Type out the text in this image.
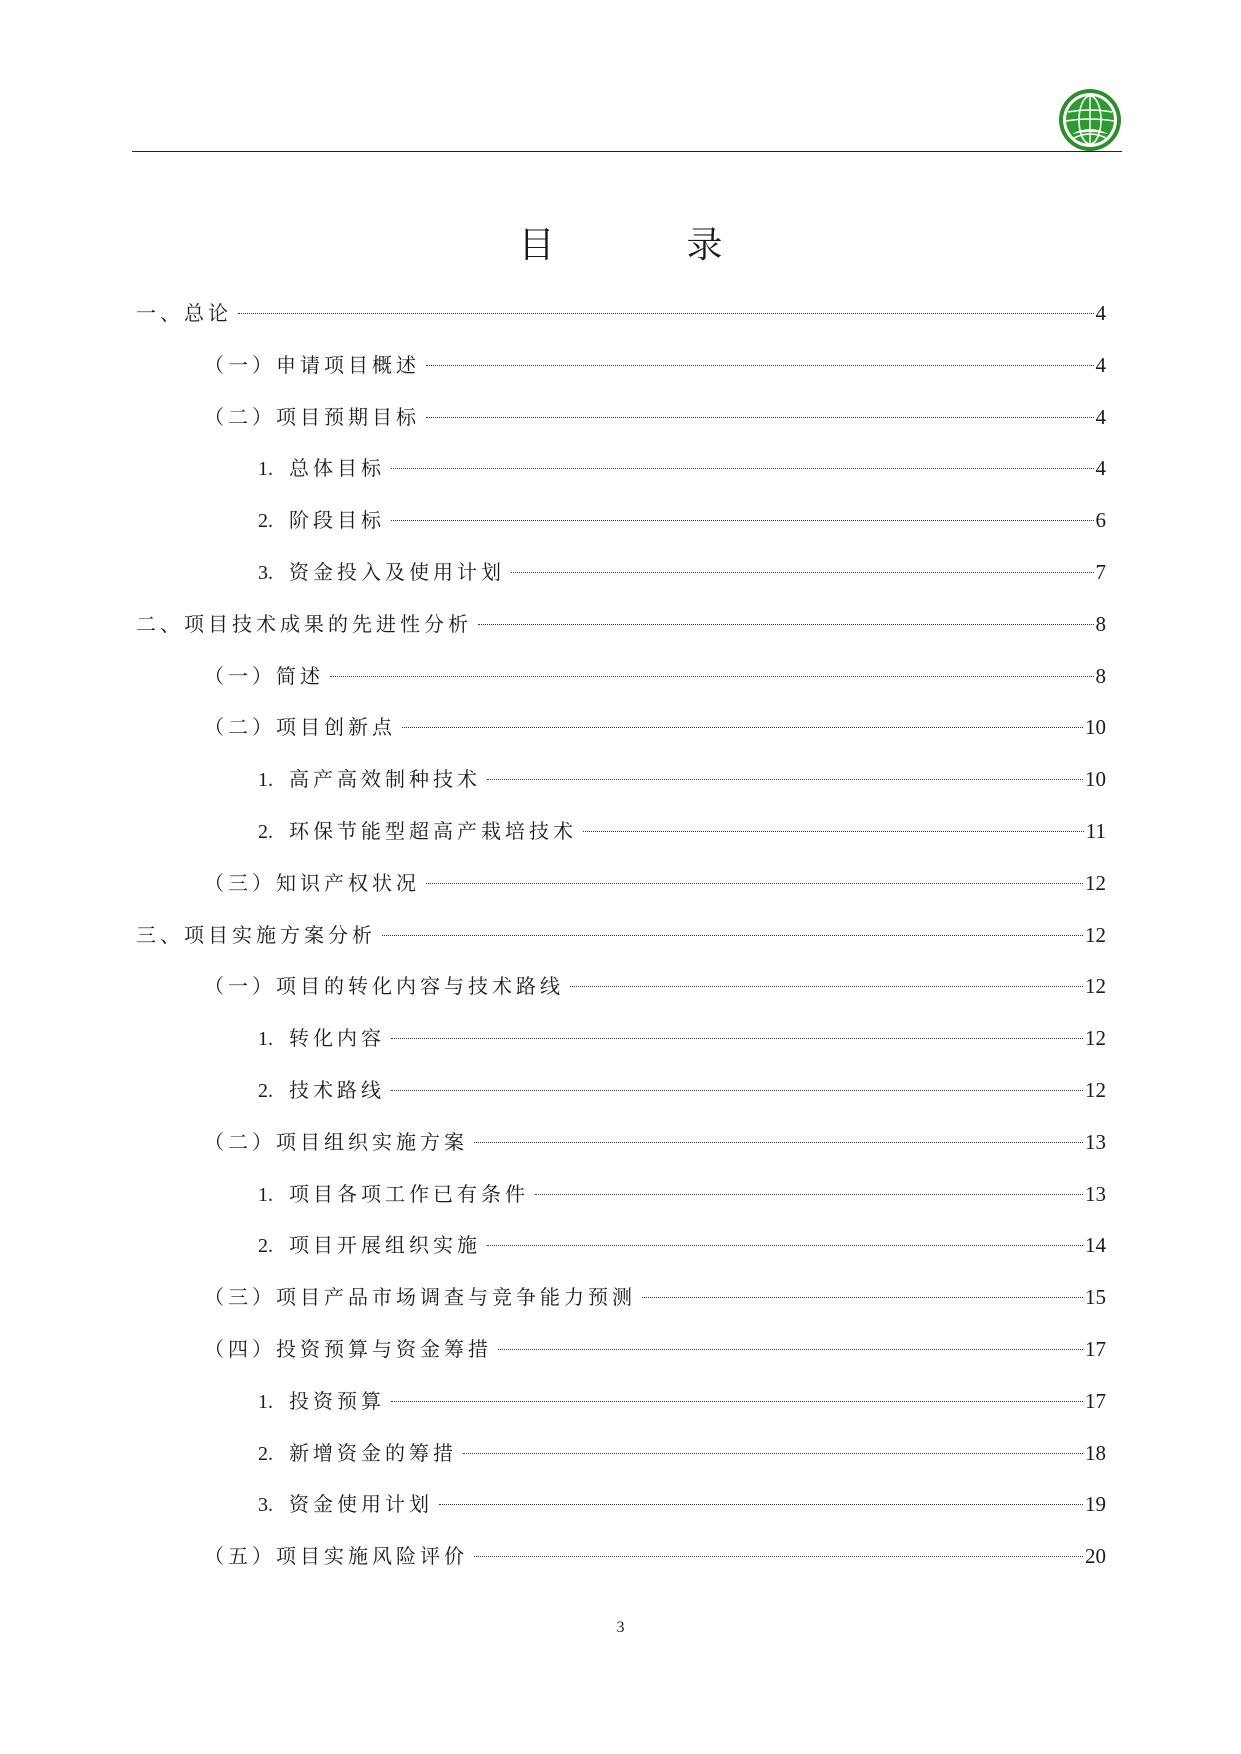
目　录
一、总论	4
（一）申请项目概述	4
（二）项目预期目标	4
1. 总体目标	4
2. 阶段目标	6
3. 资金投入及使用计划	7
二、项目技术成果的先进性分析	8
（一）简述	8
（二）项目创新点	10
1. 高产高效制种技术	10
2. 环保节能型超高产栽培技术	11
（三）知识产权状况	12
三、项目实施方案分析	12
（一）项目的转化内容与技术路线	12
1. 转化内容	12
2. 技术路线	12
（二）项目组织实施方案	13
1. 项目各项工作已有条件	13
2. 项目开展组织实施	14
（三）项目产品市场调查与竞争能力预测	15
（四）投资预算与资金筹措	17
1. 投资预算	17
2. 新增资金的筹措	18
3. 资金使用计划	19
（五）项目实施风险评价	20
3
